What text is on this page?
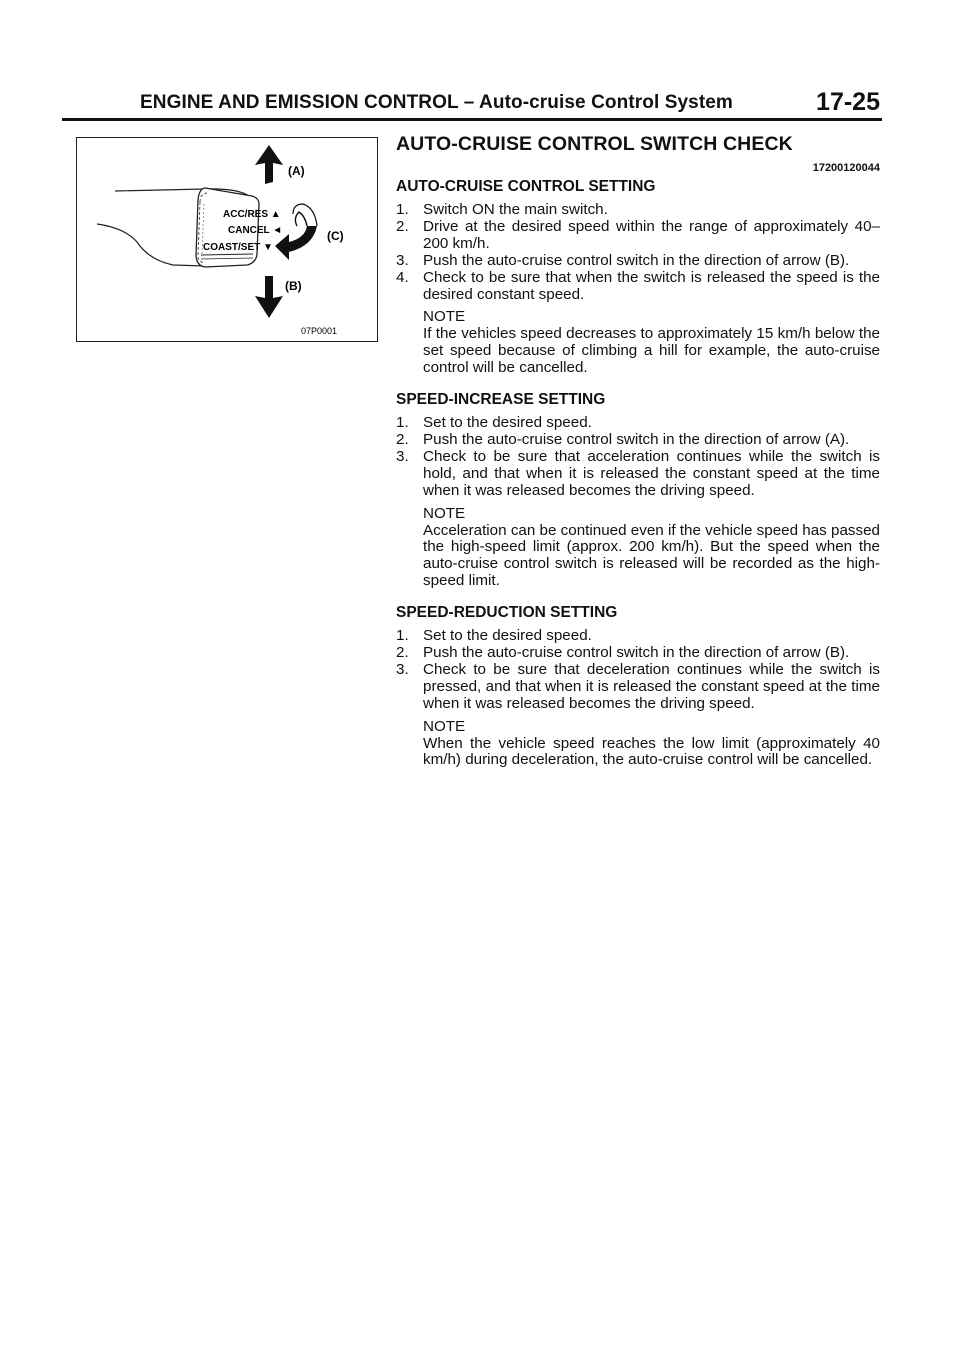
ENGINE AND EMISSION CONTROL – Auto-cruise Control System	17-25
ACC/RES ▲
CANCEL ◄
COAST/SET ▼
(A)
(B)
(C)
07P0001
AUTO-CRUISE CONTROL SWITCH CHECK
17200120044
AUTO-CRUISE CONTROL SETTING
1. Switch ON the main switch.
2. Drive at the desired speed within the range of approximately 40–200 km/h.
3. Push the auto-cruise control switch in the direction of arrow (B).
4. Check to be sure that when the switch is released the speed is the desired constant speed.
NOTE
If the vehicles speed decreases to approximately 15 km/h below the set speed because of climbing a hill for example, the auto-cruise control will be cancelled.
SPEED-INCREASE SETTING
1. Set to the desired speed.
2. Push the auto-cruise control switch in the direction of arrow (A).
3. Check to be sure that acceleration continues while the switch is hold, and that when it is released the constant speed at the time when it was released becomes the driving speed.
NOTE
Acceleration can be continued even if the vehicle speed has passed the high-speed limit (approx. 200 km/h). But the speed when the auto-cruise control switch is released will be recorded as the high-speed limit.
SPEED-REDUCTION SETTING
1. Set to the desired speed.
2. Push the auto-cruise control switch in the direction of arrow (B).
3. Check to be sure that deceleration continues while the switch is pressed, and that when it is released the constant speed at the time when it was released becomes the driving speed.
NOTE
When the vehicle speed reaches the low limit (approximately 40 km/h) during deceleration, the auto-cruise control will be cancelled.
